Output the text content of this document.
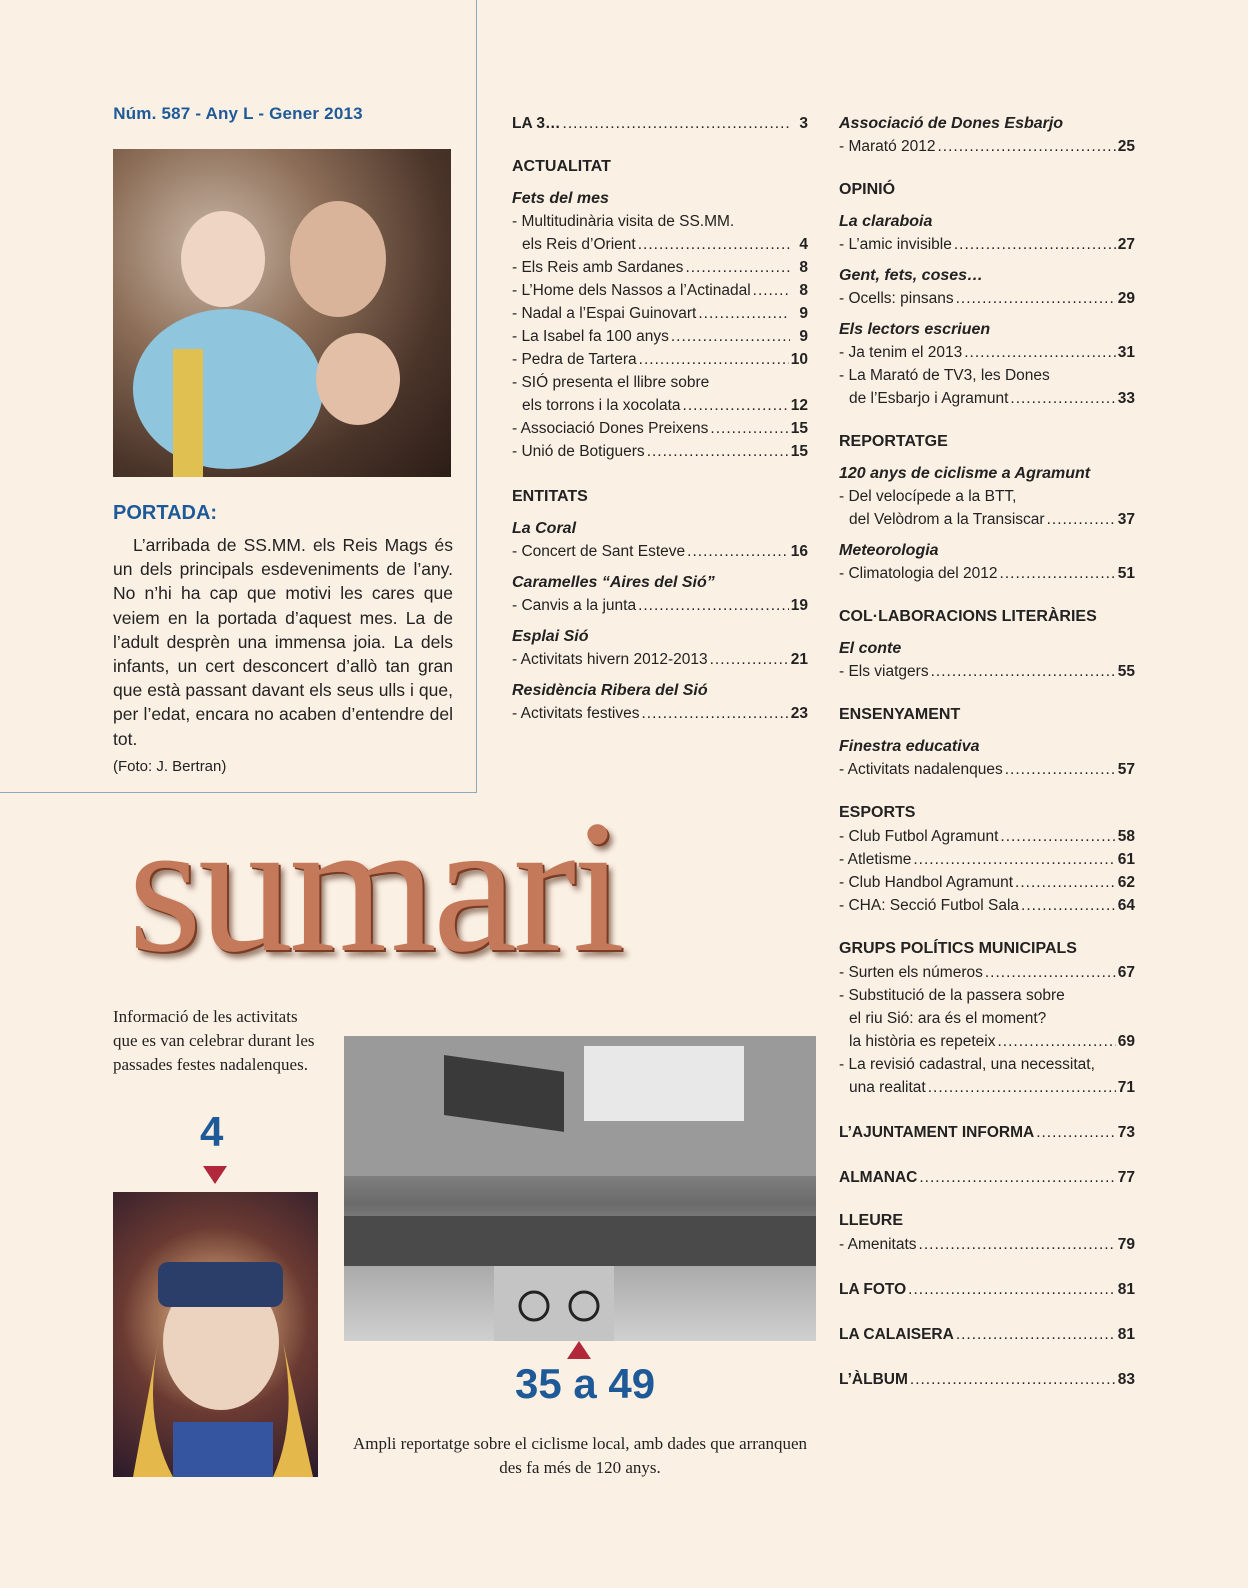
Núm. 587 - Any L - Gener 2013
PORTADA:
L’arribada de SS.MM. els Reis Mags és un dels principals esdeveniments de l’any. No n’hi ha cap que motivi les cares que veiem en la portada d’aquest mes. La de l’adult desprèn una immensa joia. La dels infants, un cert desconcert d’allò tan gran que està passant davant els seus ulls i que, per l’edat, encara no acaben d’entendre del tot.
(Foto: J. Bertran)
LA 3… .....	3
ACTUALITAT
Fets del mes
- Multitudinària visita de SS.MM.
els Reis d’Orient .....	4
- Els Reis amb Sardanes .....	8
- L’Home dels Nassos a l’Actinadal .....	8
- Nadal a l’Espai Guinovart .....	9
- La Isabel fa 100 anys .....	9
- Pedra de Tartera .....	10
- SIÓ presenta el llibre sobre
els torrons i la xocolata .....	12
- Associació Dones Preixens .....	15
- Unió de Botiguers .....	15
ENTITATS
La Coral
- Concert de Sant Esteve .....	16
Caramelles “Aires del Sió”
- Canvis a la junta .....	19
Esplai Sió
- Activitats hivern 2012-2013 .....	21
Residència Ribera del Sió
- Activitats festives .....	23
Associació de Dones Esbarjo
- Marató 2012 .....	25
OPINIÓ
La claraboia
- L’amic invisible .....	27
Gent, fets, coses…
- Ocells: pinsans .....	29
Els lectors escriuen
- Ja tenim el 2013 .....	31
- La Marató de TV3, les Dones
de l’Esbarjo i Agramunt .....	33
REPORTATGE
120 anys de ciclisme a Agramunt
- Del velocípede a la BTT,
del Velòdrom a la Transiscar .....	37
Meteorologia
- Climatologia del 2012 .....	51
COL·LABORACIONS LITERÀRIES
El conte
- Els viatgers .....	55
ENSENYAMENT
Finestra educativa
- Activitats nadalenques .....	57
ESPORTS
- Club Futbol Agramunt .....	58
- Atletisme .....	61
- Club Handbol Agramunt .....	62
- CHA: Secció Futbol Sala .....	64
GRUPS POLÍTICS MUNICIPALS
- Surten els números .....	67
- Substitució de la passera sobre
el riu Sió: ara és el moment?
la història es repeteix .....	69
- La revisió cadastral, una necessitat,
una realitat .....	71
L’AJUNTAMENT INFORMA .....	73
ALMANAC .....	77
LLEURE
- Amenitats .....	79
LA FOTO .....	81
LA CALAISERA .....	81
L’ÀLBUM .....	83
sumari
Informació de les activitats que es van celebrar durant les passades festes nadalenques.
4
35 a 49
Ampli reportatge sobre el ciclisme local, amb dades que arranquen des fa més de 120 anys.
